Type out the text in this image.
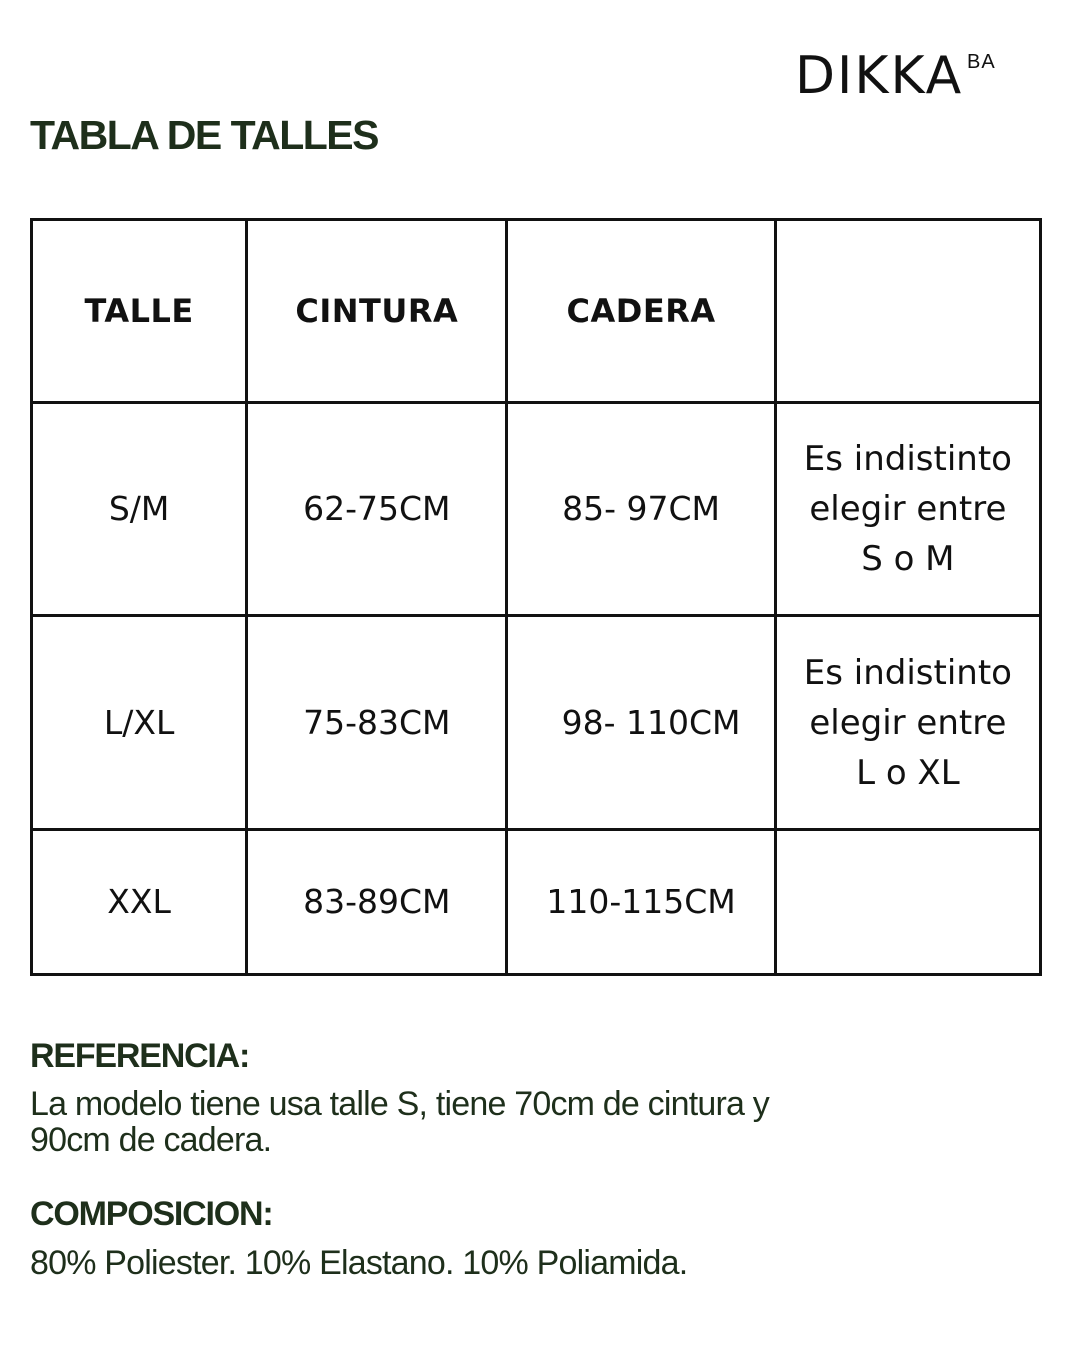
DIKKA BA
TABLA DE TALLES
TALLE	CINTURA	CADERA	
S/M	62-75CM	85- 97CM	Es indistinto
elegir entre
S o M

L/XL	75-83CM	98- 110CM	Es indistinto
elegir entre
L o XL

XXL	83-89CM	110-115CM	
REFERENCIA:
La modelo tiene usa talle S, tiene 70cm de cintura y
90cm de cadera.
COMPOSICION:
80% Poliester. 10% Elastano. 10% Poliamida.
